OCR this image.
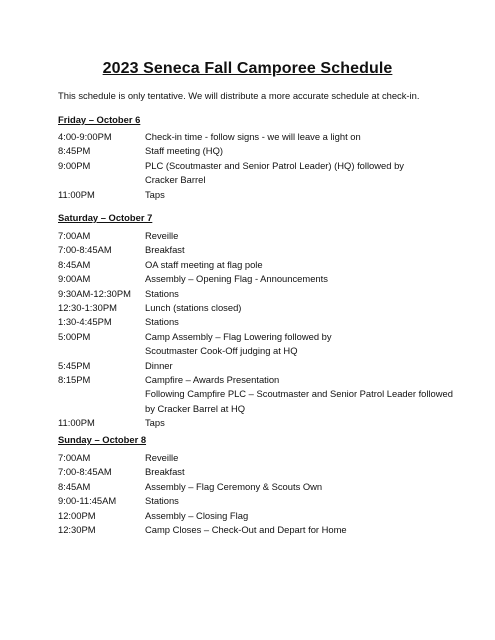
2023 Seneca Fall Camporee Schedule
This schedule is only tentative. We will distribute a more accurate schedule at check-in.
Friday – October 6
4:00-9:00PM	Check-in time - follow signs - we will leave a light on
8:45PM	Staff meeting (HQ)
9:00PM	PLC (Scoutmaster and Senior Patrol Leader) (HQ) followed by
Cracker Barrel
11:00PM	Taps
Saturday – October 7
7:00AM	Reveille
7:00-8:45AM	Breakfast
8:45AM	OA staff meeting at flag pole
9:00AM	Assembly – Opening Flag - Announcements
9:30AM-12:30PM Stations
12:30-1:30PM	Lunch (stations closed)
1:30-4:45PM	Stations
5:00PM	Camp Assembly – Flag Lowering followed by
Scoutmaster Cook-Off judging at HQ
5:45PM	Dinner
8:15PM	Campfire – Awards Presentation
Following Campfire PLC – Scoutmaster and Senior Patrol Leader followed
by Cracker Barrel at HQ
11:00PM	Taps
Sunday – October 8
7:00AM	Reveille
7:00-8:45AM	Breakfast
8:45AM	Assembly – Flag Ceremony & Scouts Own
9:00-11:45AM	Stations
12:00PM	Assembly – Closing Flag
12:30PM	Camp Closes – Check-Out and Depart for Home
